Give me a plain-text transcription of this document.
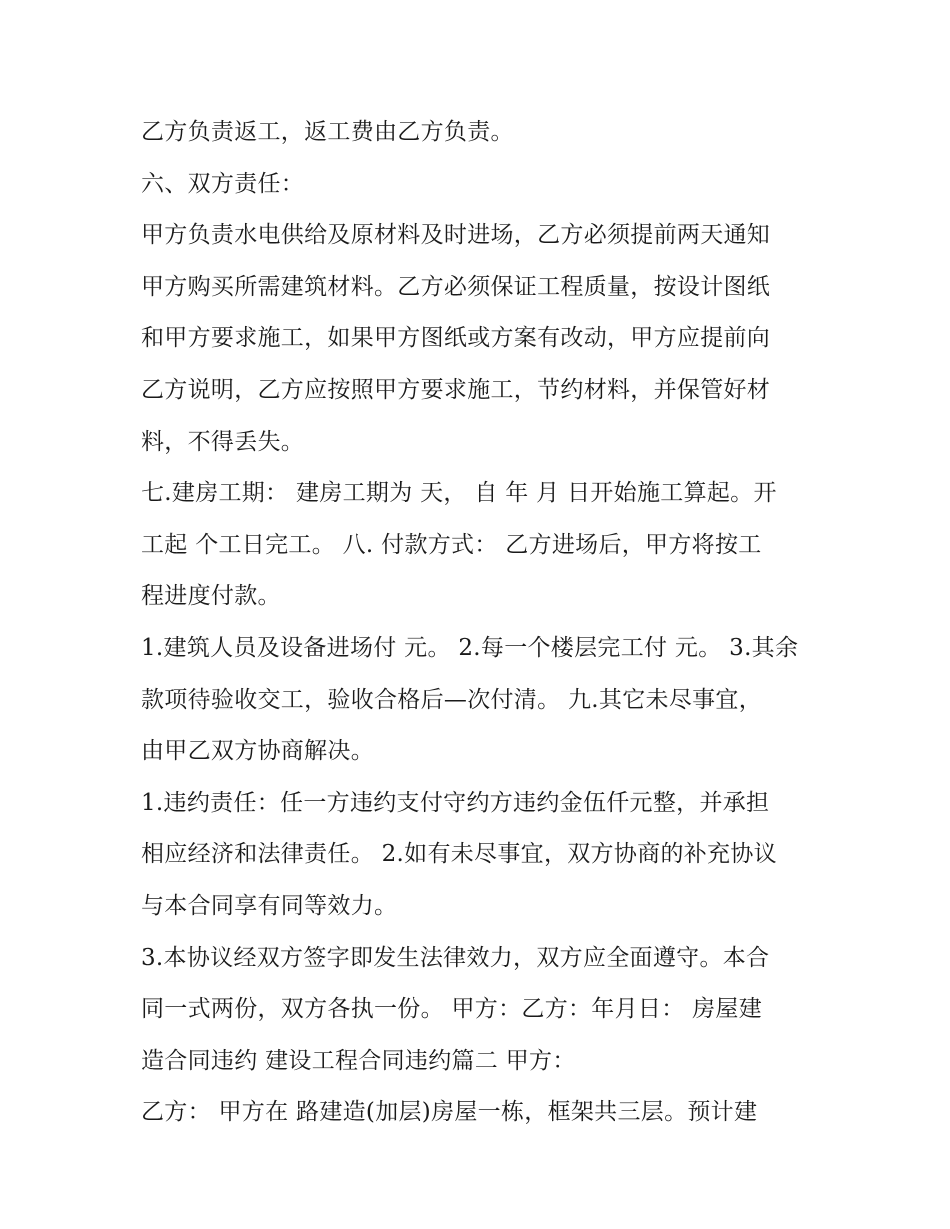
乙方负责返工，返工费由乙方负责。
六、双方责任：
甲方负责水电供给及原材料及时进场，乙方必须提前两天通知
甲方购买所需建筑材料。乙方必须保证工程质量，按设计图纸
和甲方要求施工，如果甲方图纸或方案有改动，甲方应提前向
乙方说明，乙方应按照甲方要求施工，节约材料，并保管好材
料，不得丢失。
七.建房工期： 建房工期为 天， 自 年 月 日开始施工算起。开
工起 个工日完工。 八. 付款方式： 乙方进场后，甲方将按工
程进度付款。
1.建筑人员及设备进场付 元。 2.每一个楼层完工付 元。 3.其余
款项待验收交工，验收合格后—次付清。 九.其它未尽事宜，
由甲乙双方协商解决。
1.违约责任：任一方违约支付守约方违约金伍仟元整，并承担
相应经济和法律责任。 2.如有未尽事宜，双方协商的补充协议
与本合同享有同等效力。
3.本协议经双方签字即发生法律效力，双方应全面遵守。本合
同一式两份，双方各执一份。 甲方：乙方：年月日： 房屋建
造合同违约 建设工程合同违约篇二 甲方：
乙方： 甲方在 路建造(加层)房屋一栋，框架共三层。预计建
